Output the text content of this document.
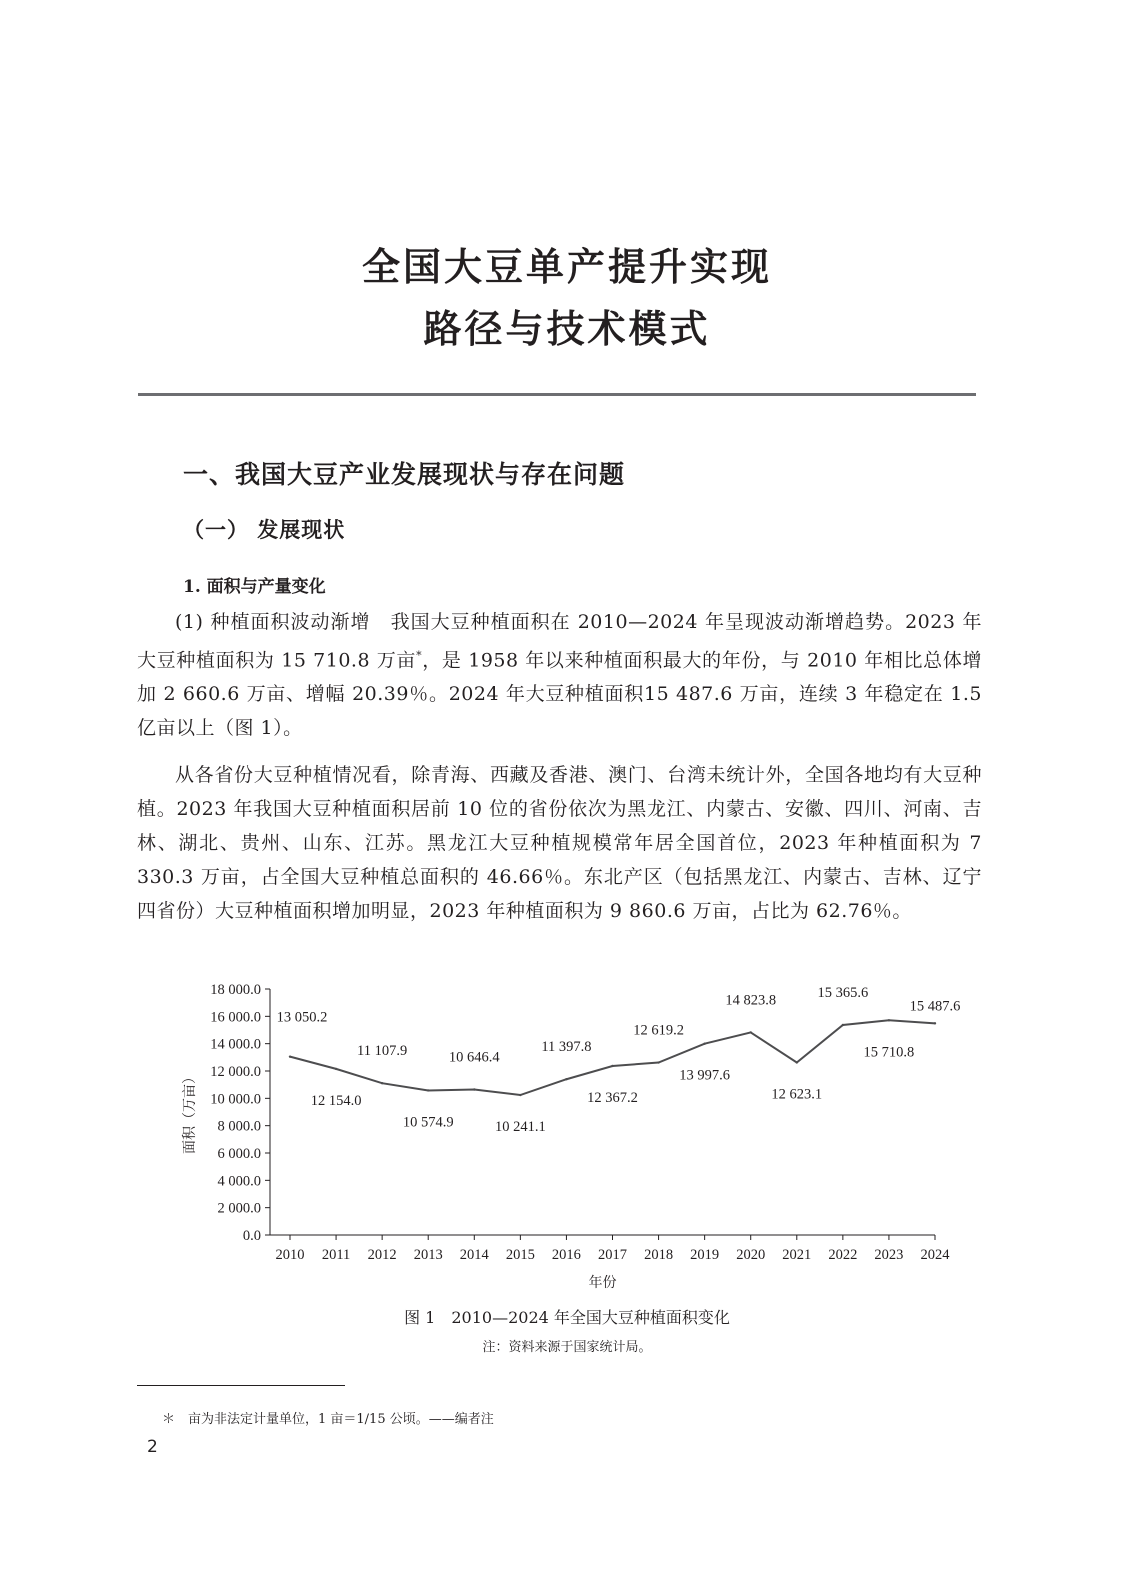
全国大豆单产提升实现
路径与技术模式
一、我国大豆产业发展现状与存在问题
（一） 发展现状
1. 面积与产量变化

(1) 种植面积波动渐增　我国大豆种植面积在 2010—2024 年呈现波动渐增趋势。2023 年大豆种植面积为 15 710.8 万亩*，是 1958 年以来种植面积最大的年份，与 2010 年相比总体增加 2 660.6 万亩、增幅 20.39％。2024 年大豆种植面积15 487.6 万亩，连续 3 年稳定在 1.5 亿亩以上（图 1）。

从各省份大豆种植情况看，除青海、西藏及香港、澳门、台湾未统计外，全国各地均有大豆种植。2023 年我国大豆种植面积居前 10 位的省份依次为黑龙江、内蒙古、安徽、四川、河南、吉林、湖北、贵州、山东、江苏。黑龙江大豆种植规模常年居全国首位，2023 年种植面积为 7 330.3 万亩，占全国大豆种植总面积的 46.66％。东北产区（包括黑龙江、内蒙古、吉林、辽宁四省份）大豆种植面积增加明显，2023 年种植面积为 9 860.6 万亩，占比为 62.76％。

0.0
2 000.0
4 000.0
6 000.0
8 000.0
10 000.0
12 000.0
14 000.0
16 000.0
18 000.0
2010 2011 2012 2013 2014 2015 2016 2017 2018 2019 2020 2021 2022 2023 2024
年份
面积（万亩）
13 050.2
12 154.0
11 107.9
10 574.9
10 646.4
10 241.1
11 397.8
12 367.2
12 619.2
13 997.6
14 823.8
12 623.1
15 365.6
15 710.8
15 487.6
图 1　2010—2024 年全国大豆种植面积变化
注：资料来源于国家统计局。
＊　亩为非法定计量单位，1 亩＝1/15 公顷。——编者注
2
